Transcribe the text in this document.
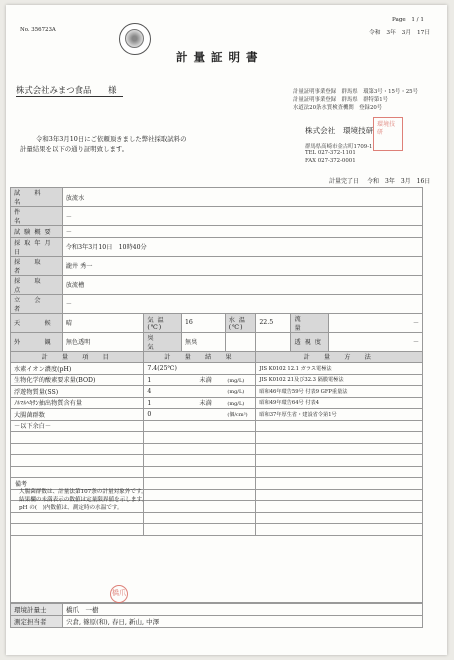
No. 356723A
Page　1 / 1
令和　3年　3月　17日
計量証明書
株式会社みまつ食品　　様	計量証明事業登録　群馬県　環第3号・15号・25号
計量証明事業登録　群馬県　群特第1号
水道法20条水質検査機関　登録20号
令和3年3月10日にご依頼頂きました弊社採取試料の
計量結果を以下の通り証明致します。
株式会社　環境技研
環境技研
群馬県高崎市金古町1709-1
TEL 027-372-1101
FAX 027-372-0001
計量完了日 令和　3年　3月　16日
試　料　名	放流水						
件　　　名	－						
試験概要	－						
採取年月日	令和3年3月10日　10時40分						
採　取　者	瀧井 秀一						
採　取　点	放流槽						
立　会　者	－						
天　　候	晴	気 温(℃)	16	水 温(℃)	22.5	流　　量	－
外　　観	無色透明	臭　　気	無臭			透 視 度	－
計　量　項　目		計　量　結　果			計　量　方　法		
水素イオン濃度(pH)		7.4(25℃)			JIS K0102 12.1 ガラス電極法		
生物化学的酸素要求量(BOD)		1 未満 (mg/L)			JIS K0102 21及び32.3 隔膜電極法		
浮遊物質量(SS)		4 (mg/L)			昭和46年環告59号 付表9 GFP重量法		
ﾉﾙﾏﾙﾍｷｻﾝ抽出物質含有量		1 未満 (mg/L)			昭和49年環告64号 付表4		
大腸菌群数		0 (個/cm³)			昭和37年厚生省・建設省令第1号		
－以下余白－							

備考
大腸菌群数は、計量法第107条の計量対象外です。
結果欄の未満表示の数値は定量限界値を示します。
pH の(　)内数値は、測定時の水温です。
環境計量士	橋爪　一樹
測定担当者	宍倉, 篠原(和), 春日, 新山, 中澤
橋爪
